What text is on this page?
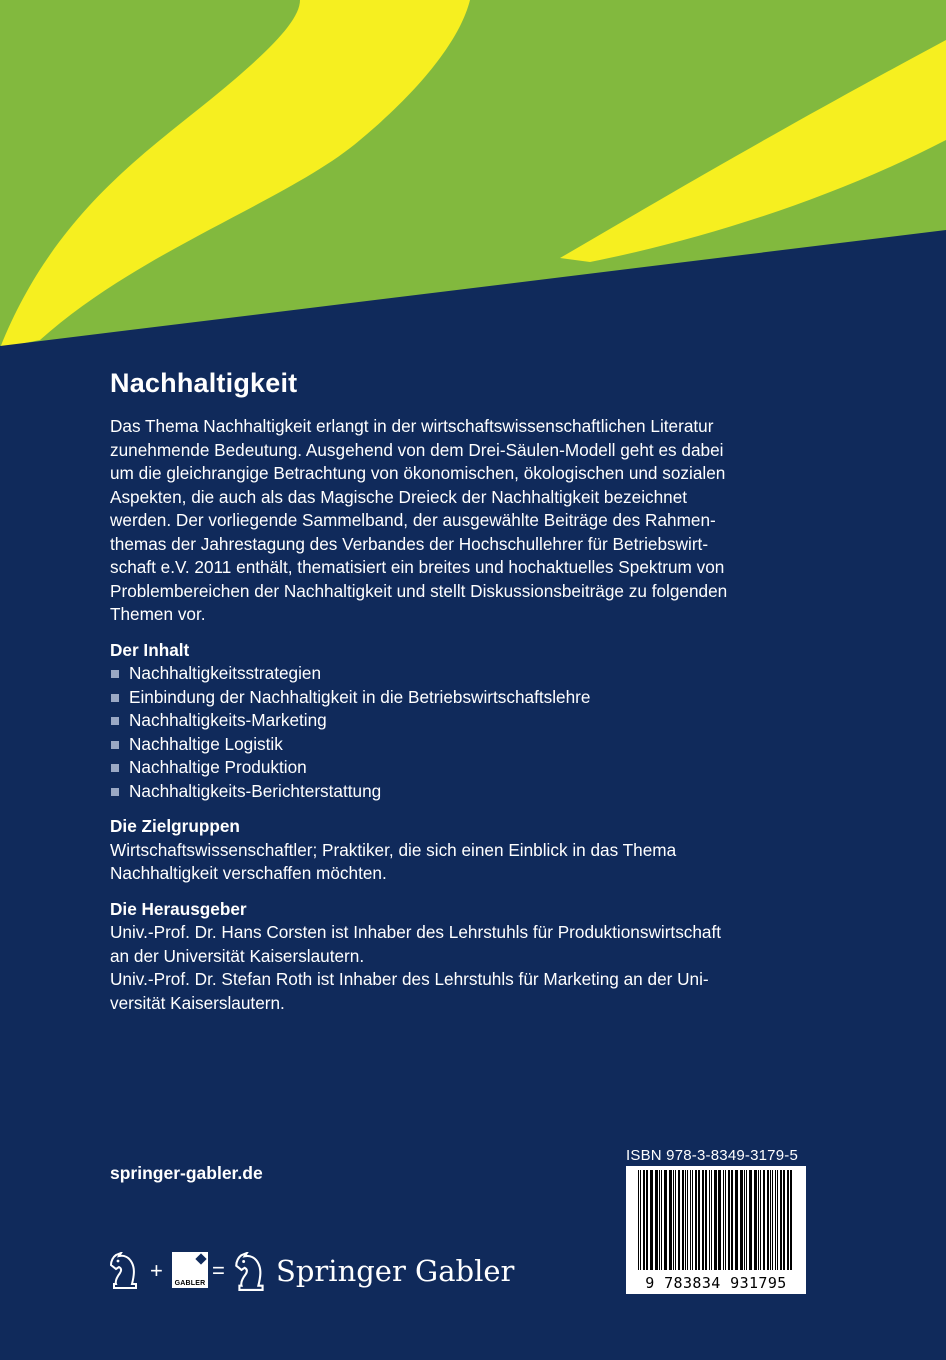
Nachhaltigkeit

Das Thema Nachhaltigkeit erlangt in der wirtschaftswissenschaftlichen Literatur

zunehmende Bedeutung. Ausgehend von dem Drei-Säulen-Modell geht es dabei

um die gleichrangige Betrachtung von ökonomischen, ökologischen und sozialen

Aspekten, die auch als das Magische Dreieck der Nachhaltigkeit bezeichnet

werden. Der vorliegende Sammelband, der ausgewählte Beiträge des Rahmen-

themas der Jahrestagung des Verbandes der Hochschullehrer für Betriebswirt-

schaft e.V. 2011 enthält, thematisiert ein breites und hochaktuelles Spektrum von

Problembereichen der Nachhaltigkeit und stellt Diskussionsbeiträge zu folgenden

Themen vor.

Der Inhalt
Nachhaltigkeitsstrategien
Einbindung der Nachhaltigkeit in die Betriebswirtschaftslehre
Nachhaltigkeits-Marketing
Nachhaltige Logistik
Nachhaltige Produktion
Nachhaltigkeits-Berichterstattung
Die Zielgruppen

Wirtschaftswissenschaftler; Praktiker, die sich einen Einblick in das Thema

Nachhaltigkeit verschaffen möchten.

Die Herausgeber

Univ.-Prof. Dr. Hans Corsten ist Inhaber des Lehrstuhls für Produktionswirtschaft

an der Universität Kaiserslautern.

Univ.-Prof. Dr. Stefan Roth ist Inhaber des Lehrstuhls für Marketing an der Uni-

versität Kaiserslautern.

springer-gabler.de
ISBN 978-3-8349-3179-5
9 783834 931795
+
GABLER
= Springer Gabler
